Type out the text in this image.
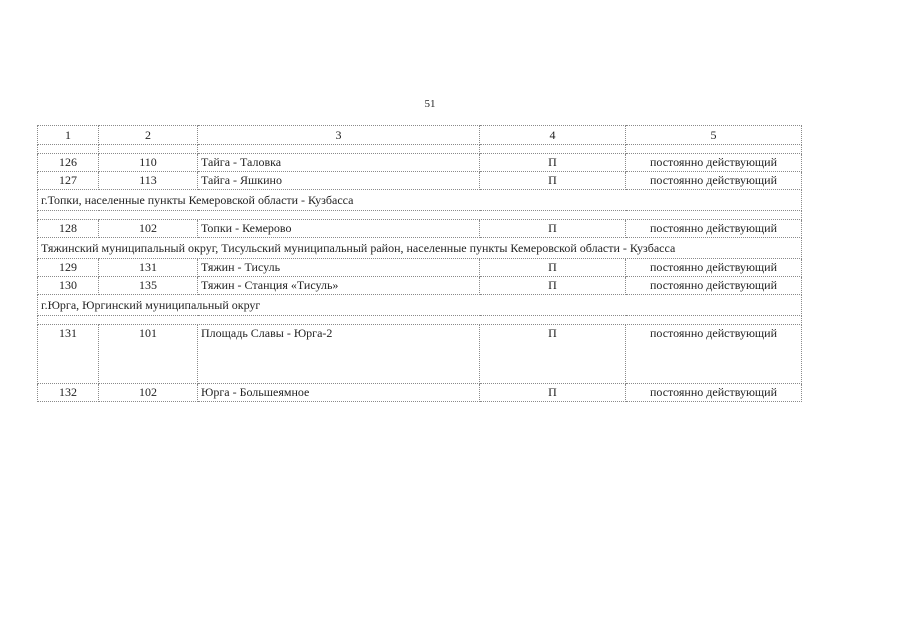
51
1	2	3	4	5

126	110	Тайга - Таловка	П	постоянно действующий
127	113	Тайга - Яшкино	П	постоянно действующий
г.Топки, населенные пункты Кемеровской области - Кузбасса				

128	102	Топки - Кемерово	П	постоянно действующий
Тяжинский муниципальный округ, Тисульский муниципальный район, населенные пункты Кемеровской области - Кузбасса				
129	131	Тяжин - Тисуль	П	постоянно действующий
130	135	Тяжин - Станция «Тисуль»	П	постоянно действующий
г.Юрга, Юргинский муниципальный округ				

131	101	Площадь Славы - Юрга-2	П	постоянно действующий
132	102	Юрга - Большеямное	П	постоянно действующий
